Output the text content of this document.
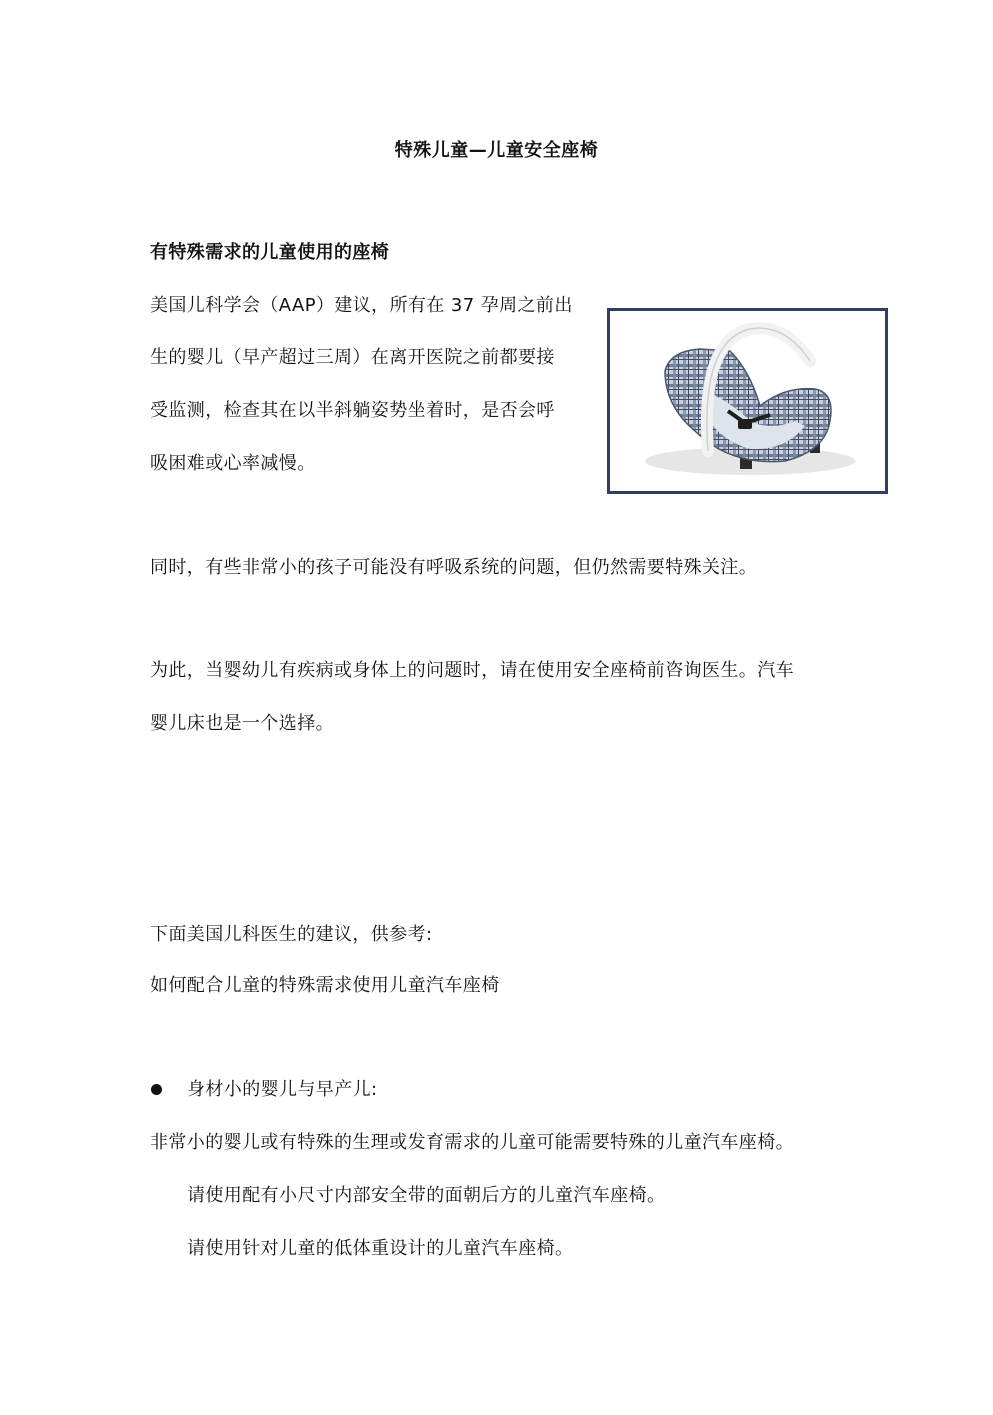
特殊儿童—儿童安全座椅
有特殊需求的儿童使用的座椅
美国儿科学会（AAP）建议，所有在 37 孕周之前出
生的婴儿（早产超过三周）在离开医院之前都要接
受监测，检查其在以半斜躺姿势坐着时，是否会呼
吸困难或心率减慢。
同时，有些非常小的孩子可能没有呼吸系统的问题，但仍然需要特殊关注。
为此，当婴幼儿有疾病或身体上的问题时，请在使用安全座椅前咨询医生。汽车
婴儿床也是一个选择。
下面美国儿科医生的建议，供参考:
如何配合儿童的特殊需求使用儿童汽车座椅
身材小的婴儿与早产儿:
非常小的婴儿或有特殊的生理或发育需求的儿童可能需要特殊的儿童汽车座椅。
请使用配有小尺寸内部安全带的面朝后方的儿童汽车座椅。
请使用针对儿童的低体重设计的儿童汽车座椅。
